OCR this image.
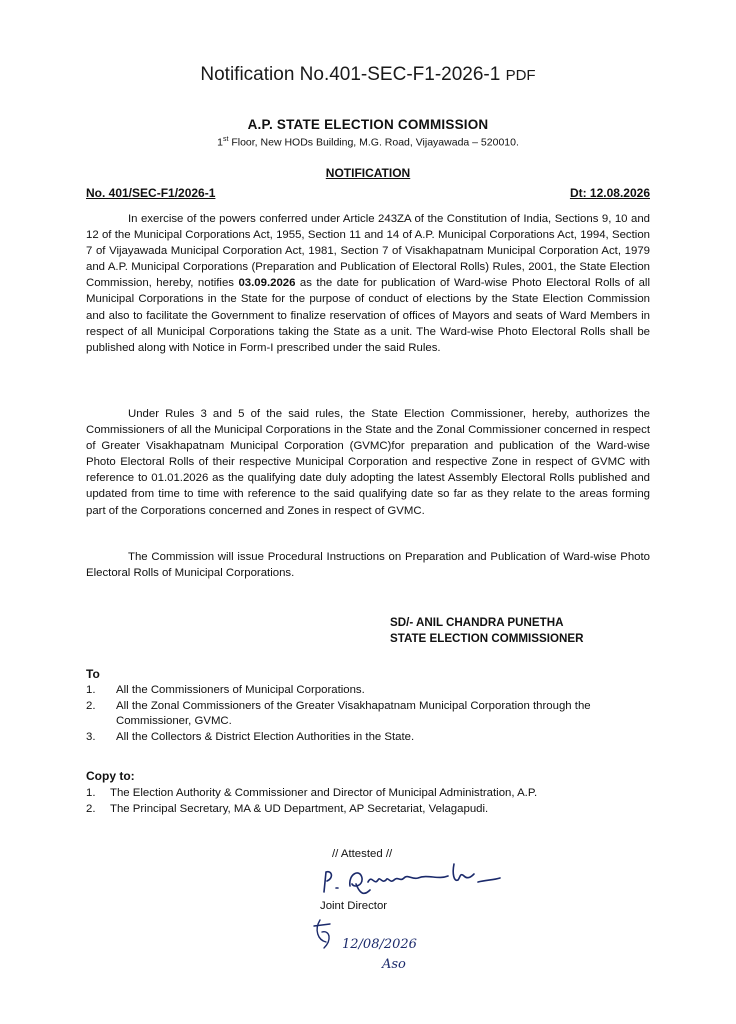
Notification No.401-SEC-F1-2026-1 PDF
A.P. STATE ELECTION COMMISSION
1st Floor, New HODs Building, M.G. Road, Vijayawada – 520010.
NOTIFICATION
No. 401/SEC-F1/2026-1	Dt: 12.08.2026

In exercise of the powers conferred under Article 243ZA of the Constitution of India, Sections 9, 10 and 12 of the Municipal Corporations Act, 1955, Section 11 and 14 of A.P. Municipal Corporations Act, 1994, Section 7 of Vijayawada Municipal Corporation Act, 1981, Section 7 of Visakhapatnam Municipal Corporation Act, 1979 and A.P. Municipal Corporations (Preparation and Publication of Electoral Rolls) Rules, 2001, the State Election Commission, hereby, notifies 03.09.2026 as the date for publication of Ward-wise Photo Electoral Rolls of all Municipal Corporations in the State for the purpose of conduct of elections by the State Election Commission and also to facilitate the Government to finalize reservation of offices of Mayors and seats of Ward Members in respect of all Municipal Corporations taking the State as a unit. The Ward-wise Photo Electoral Rolls shall be published along with Notice in Form-I prescribed under the said Rules.

Under Rules 3 and 5 of the said rules, the State Election Commissioner, hereby, authorizes the Commissioners of all the Municipal Corporations in the State and the Zonal Commissioner concerned in respect of Greater Visakhapatnam Municipal Corporation (GVMC)for preparation and publication of the Ward-wise Photo Electoral Rolls of their respective Municipal Corporation and respective Zone in respect of GVMC with reference to 01.01.2026 as the qualifying date duly adopting the latest Assembly Electoral Rolls published and updated from time to time with reference to the said qualifying date so far as they relate to the areas forming part of the Corporations concerned and Zones in respect of GVMC.

The Commission will issue Procedural Instructions on Preparation and Publication of Ward-wise Photo Electoral Rolls of Municipal Corporations.

SD/- ANIL CHANDRA PUNETHA
STATE ELECTION COMMISSIONER
To
1. All the Commissioners of Municipal Corporations.
2. All the Zonal Commissioners of the Greater Visakhapatnam Municipal Corporation through the Commissioner, GVMC.
3. All the Collectors & District Election Authorities in the State.
Copy to:
1. The Election Authority & Commissioner and Director of Municipal Administration, A.P.
2. The Principal Secretary, MA & UD Department, AP Secretariat, Velagapudi.
// Attested //
12/08/2026
Aso
Joint Director
